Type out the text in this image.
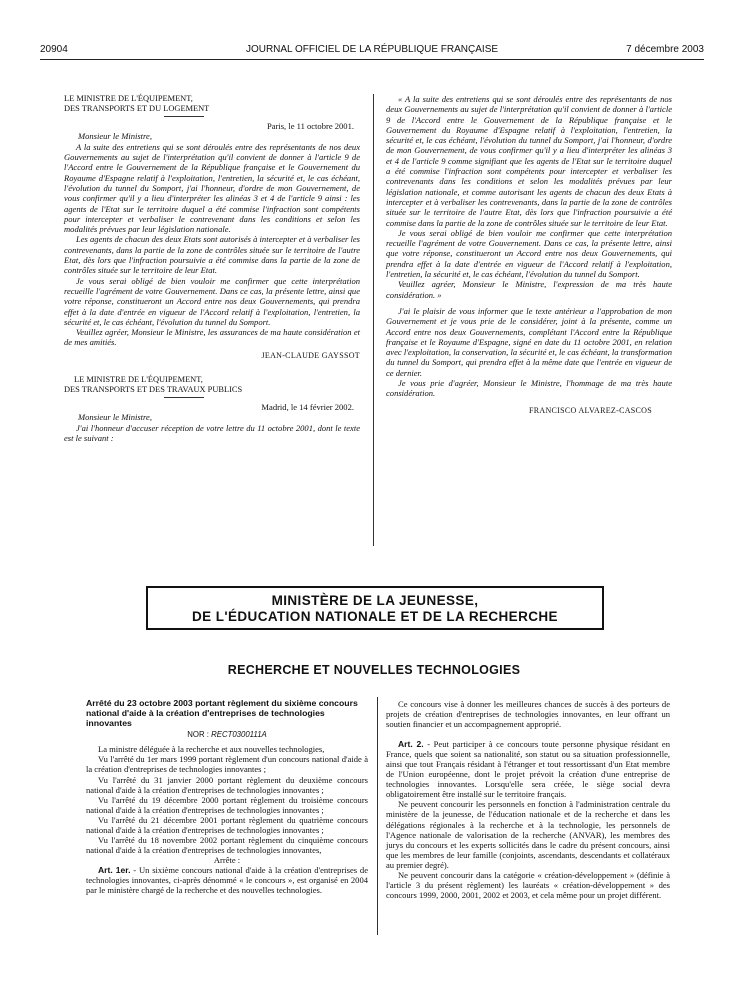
20904	JOURNAL OFFICIEL DE LA RÉPUBLIQUE FRANÇAISE	7 décembre 2003
LE MINISTRE DE L'ÉQUIPEMENT,
DES TRANSPORTS ET DU LOGEMENT
Paris, le 11 octobre 2001.
Monsieur le Ministre,

A la suite des entretiens qui se sont déroulés entre des représentants de nos deux Gouvernements au sujet de l'interprétation qu'il convient de donner à l'article 9 de l'Accord entre le Gouvernement de la République française et le Gouvernement du Royaume d'Espagne relatif à l'exploitation, l'entretien, la sécurité et, le cas échéant, l'évolution du tunnel du Somport, j'ai l'honneur, d'ordre de mon Gouvernement, de vous confirmer qu'il y a lieu d'interpréter les alinéas 3 et 4 de l'article 9 ainsi : les agents de l'Etat sur le territoire duquel a été commise l'infraction sont compétents pour intercepter et verbaliser le contrevenant dans les conditions et selon les modalités prévues par leur législation nationale.

Les agents de chacun des deux Etats sont autorisés à intercepter et à verbaliser les contrevenants, dans la partie de la zone de contrôles située sur le territoire de l'autre Etat, dès lors que l'infraction poursuivie a été commise dans la partie de la zone de contrôles située sur le territoire de leur Etat.

Je vous serai obligé de bien vouloir me confirmer que cette interprétation recueille l'agrément de votre Gouvernement. Dans ce cas, la présente lettre, ainsi que votre réponse, constitueront un Accord entre nos deux Gouvernements, qui prendra effet à la date d'entrée en vigueur de l'Accord relatif à l'exploitation, l'entretien, la sécurité et, le cas échéant, l'évolution du tunnel du Somport.

Veuillez agréer, Monsieur le Ministre, les assurances de ma haute considération et de mes amitiés.

JEAN-CLAUDE GAYSSOT
LE MINISTRE DE L'ÉQUIPEMENT,
DES TRANSPORTS ET DES TRAVAUX PUBLICS
Madrid, le 14 février 2002.
Monsieur le Ministre,

J'ai l'honneur d'accuser réception de votre lettre du 11 octobre 2001, dont le texte est le suivant :

« A la suite des entretiens qui se sont déroulés entre des représentants de nos deux Gouvernements au sujet de l'interprétation qu'il convient de donner à l'article 9 de l'Accord entre le Gouvernement de la République française et le Gouvernement du Royaume d'Espagne relatif à l'exploitation, l'entretien, la sécurité et, le cas échéant, l'évolution du tunnel du Somport, j'ai l'honneur, d'ordre de mon Gouvernement, de vous confirmer qu'il y a lieu d'interpréter les alinéas 3 et 4 de l'article 9 comme signifiant que les agents de l'Etat sur le territoire duquel a été commise l'infraction sont compétents pour intercepter et verbaliser les contrevenants dans les conditions et selon les modalités prévues par leur législation nationale, et comme autorisant les agents de chacun des deux Etats à intercepter et à verbaliser les contrevenants, dans la partie de la zone de contrôles située sur le territoire de l'autre Etat, dès lors que l'infraction poursuivie a été commise dans la partie de la zone de contrôles située sur le territoire de leur Etat.

Je vous serai obligé de bien vouloir me confirmer que cette interprétation recueille l'agrément de votre Gouvernement. Dans ce cas, la présente lettre, ainsi que votre réponse, constitueront un Accord entre nos deux Gouvernements, qui prendra effet à la date d'entrée en vigueur de l'Accord relatif à l'exploitation, l'entretien, la sécurité et, le cas échéant, l'évolution du tunnel du Somport.

Veuillez agréer, Monsieur le Ministre, l'expression de ma très haute considération. »

J'ai le plaisir de vous informer que le texte antérieur a l'approbation de mon Gouvernement et je vous prie de le considérer, joint à la présente, comme un Accord entre nos deux Gouvernements, complétant l'Accord entre la République française et le Royaume d'Espagne, signé en date du 11 octobre 2001, en relation avec l'exploitation, la conservation, la sécurité et, le cas échéant, la transformation du tunnel du Somport, qui prendra effet à la même date que l'entrée en vigueur de ce dernier.

Je vous prie d'agréer, Monsieur le Ministre, l'hommage de ma très haute considération.

FRANCISCO ALVAREZ-CASCOS
MINISTÈRE DE LA JEUNESSE,
DE L'ÉDUCATION NATIONALE ET DE LA RECHERCHE
RECHERCHE ET NOUVELLES TECHNOLOGIES
Arrêté du 23 octobre 2003 portant règlement du sixième concours national d'aide à la création d'entreprises de technologies innovantes
NOR : RECT0300111A

La ministre déléguée à la recherche et aux nouvelles technologies,

Vu l'arrêté du 1er mars 1999 portant règlement d'un concours national d'aide à la création d'entreprises de technologies innovantes ;

Vu l'arrêté du 31 janvier 2000 portant règlement du deuxième concours national d'aide à la création d'entreprises de technologies innovantes ;

Vu l'arrêté du 19 décembre 2000 portant règlement du troisième concours national d'aide à la création d'entreprises de technologies innovantes ;

Vu l'arrêté du 21 décembre 2001 portant règlement du quatrième concours national d'aide à la création d'entreprises de technologies innovantes ;

Vu l'arrêté du 18 novembre 2002 portant règlement du cinquième concours national d'aide à la création d'entreprises de technologies innovantes,

Arrête :

Art. 1er. - Un sixième concours national d'aide à la création d'entreprises de technologies innovantes, ci-après dénommé « le concours », est organisé en 2004 par le ministère chargé de la recherche et des nouvelles technologies.

Ce concours vise à donner les meilleures chances de succès à des porteurs de projets de création d'entreprises de technologies innovantes, en leur offrant un soutien financier et un accompagnement approprié.

Art. 2. - Peut participer à ce concours toute personne physique résidant en France, quels que soient sa nationalité, son statut ou sa situation professionnelle, ainsi que tout Français résidant à l'étranger et tout ressortissant d'un Etat membre de l'Union européenne, dont le projet prévoit la création d'une entreprise de technologies innovantes. Lorsqu'elle sera créée, le siège social devra obligatoirement être installé sur le territoire français.

Ne peuvent concourir les personnels en fonction à l'administration centrale du ministère de la jeunesse, de l'éducation nationale et de la recherche et dans les délégations régionales à la recherche et à la technologie, les personnels de l'Agence nationale de valorisation de la recherche (ANVAR), les membres des jurys du concours et les experts sollicités dans le cadre du présent concours, ainsi que les membres de leur famille (conjoints, ascendants, descendants et collatéraux au premier degré).

Ne peuvent concourir dans la catégorie « création-développement » (définie à l'article 3 du présent règlement) les lauréats « création-développement » des concours 1999, 2000, 2001, 2002 et 2003, et cela même pour un projet différent.
